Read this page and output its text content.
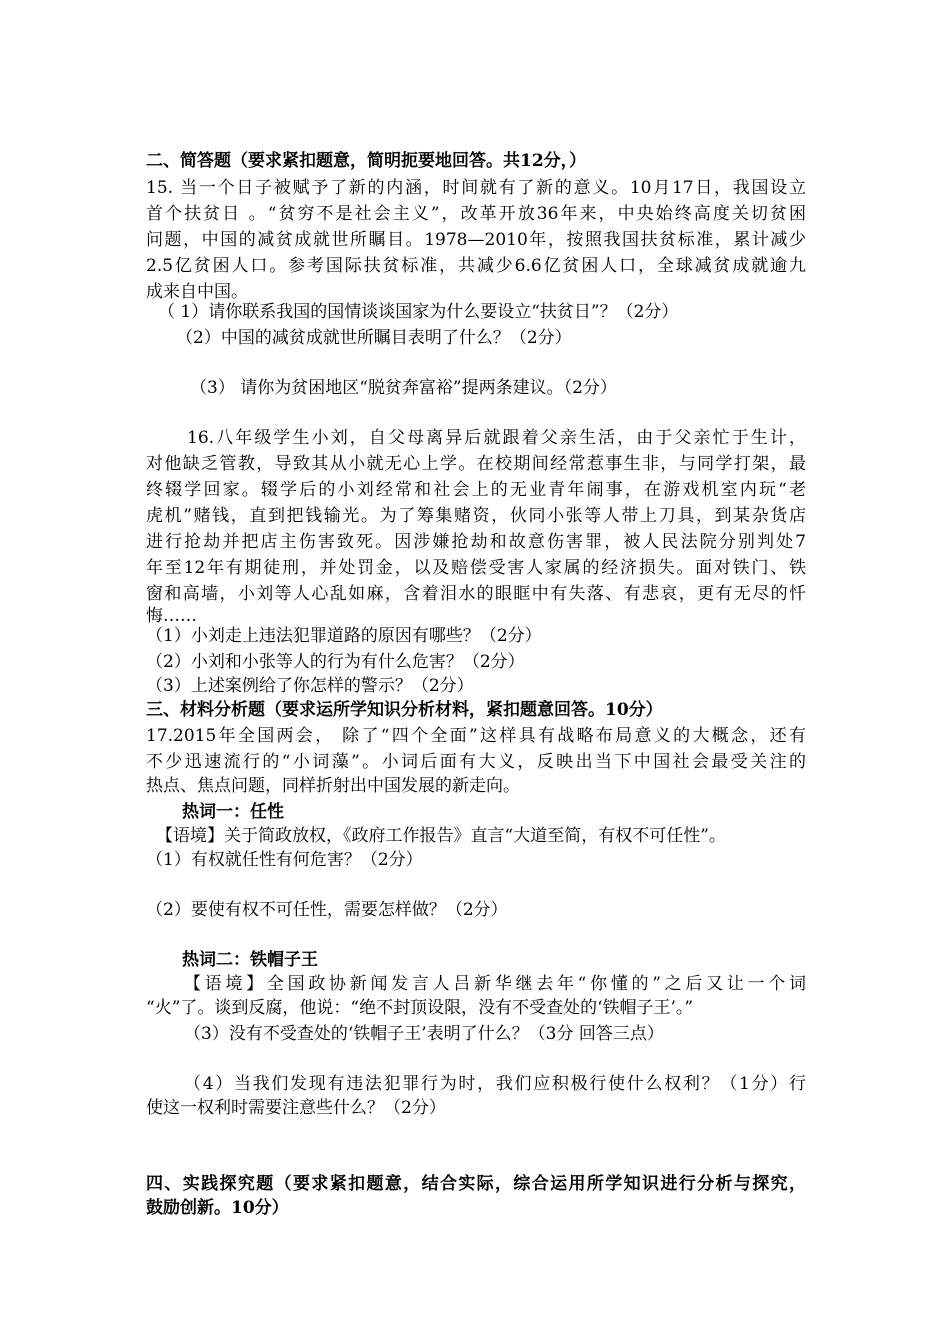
二、简答题（要求紧扣题意，简明扼要地回答。共12分，）
15. 当一个日子被赋予了新的内涵，时间就有了新的意义。10月17日，我国设立
首个扶贫日 。“贫穷不是社会主义”，改革开放36年来，中央始终高度关切贫困
问题，中国的减贫成就世所瞩目。1978—2010年，按照我国扶贫标准，累计减少
2.5亿贫困人口。参考国际扶贫标准，共减少6.6亿贫困人口，全球减贫成就逾九
成来自中国。
（ 1）请你联系我国的国情谈谈国家为什么要设立“扶贫日”？（2分）
（2）中国的减贫成就世所瞩目表明了什么？（2分）
（3） 请你为贫困地区“脱贫奔富裕”提两条建议。（2分）
16.八年级学生小刘，自父母离异后就跟着父亲生活，由于父亲忙于生计，
对他缺乏管教，导致其从小就无心上学。在校期间经常惹事生非，与同学打架，最
终辍学回家。辍学后的小刘经常和社会上的无业青年闹事，在游戏机室内玩“老
虎机”赌钱，直到把钱输光。为了筹集赌资，伙同小张等人带上刀具，到某杂货店
进行抢劫并把店主伤害致死。因涉嫌抢劫和故意伤害罪，被人民法院分别判处7
年至12年有期徒刑，并处罚金，以及赔偿受害人家属的经济损失。面对铁门、铁
窗和高墙，小刘等人心乱如麻，含着泪水的眼眶中有失落、有悲哀，更有无尽的忏
悔……
（1）小刘走上违法犯罪道路的原因有哪些？（2分）
（2）小刘和小张等人的行为有什么危害？（2分）
（3）上述案例给了你怎样的警示？（2分）
三、材料分析题（要求运所学知识分析材料，紧扣题意回答。10分）
17.2015年全国两会， 除了“四个全面”这样具有战略布局意义的大概念，还有
不少迅速流行的“小词藻”。小词后面有大义，反映出当下中国社会最受关注的
热点、焦点问题，同样折射出中国发展的新走向。
热词一：任性
【语境】关于简政放权，《政府工作报告》直言“大道至简，有权不可任性”。
（1）有权就任性有何危害？（2分）
（2）要使有权不可任性，需要怎样做？（2分）
热词二：铁帽子王
【语境】全国政协新闻发言人吕新华继去年“你懂的”之后又让一个词
“火”了。谈到反腐，他说：“绝不封顶设限，没有不受查处的‘铁帽子王’。”
（3）没有不受查处的‘铁帽子王’表明了什么？（3分 回答三点）
（4）当我们发现有违法犯罪行为时，我们应积极行使什么权利？（1分）行
使这一权利时需要注意些什么？（2分）
四、实践探究题（要求紧扣题意，结合实际，综合运用所学知识进行分析与探究，
鼓励创新。10分）
